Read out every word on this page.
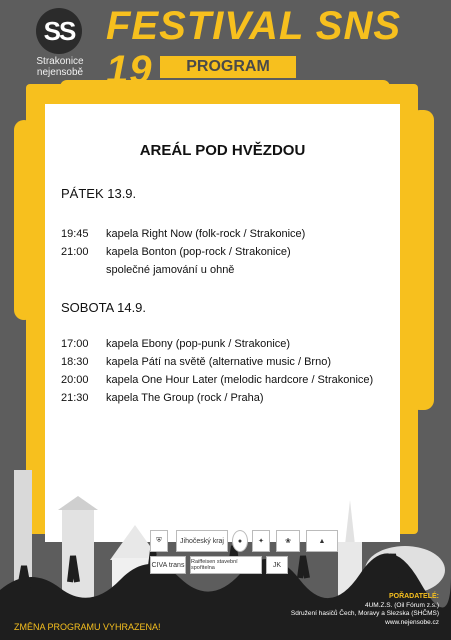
SS
Strakonice
nejensobě
FESTIVAL SNS 19	PROGRAM
AREÁL POD HVĚZDOU
PÁTEK 13.9.
19:45 kapela Right Now (folk-rock / Strakonice)
21:00 kapela Bonton (pop-rock / Strakonice)
společné jamování u ohně
SOBOTA 14.9.
17:00 kapela Ebony (pop-punk / Strakonice)
18:30 kapela Pátí na světě (alternative music / Brno)
20:00 kapela One Hour Later (melodic hardcore / Strakonice)
21:30 kapela The Group (rock / Praha)
⛨	Jihočeský kraj	●	✦	❀	▲
CIVA trans Raiffeisen stavební spořitelna	JK
ZMĚNA PROGRAMU VYHRAZENA!
POŘADATELÉ:
4UM.Z.S. (Oil Fórum z.s.)
Sdružení hasičů Čech, Moravy a Slezska (SHČMS)
www.nejensobe.cz
